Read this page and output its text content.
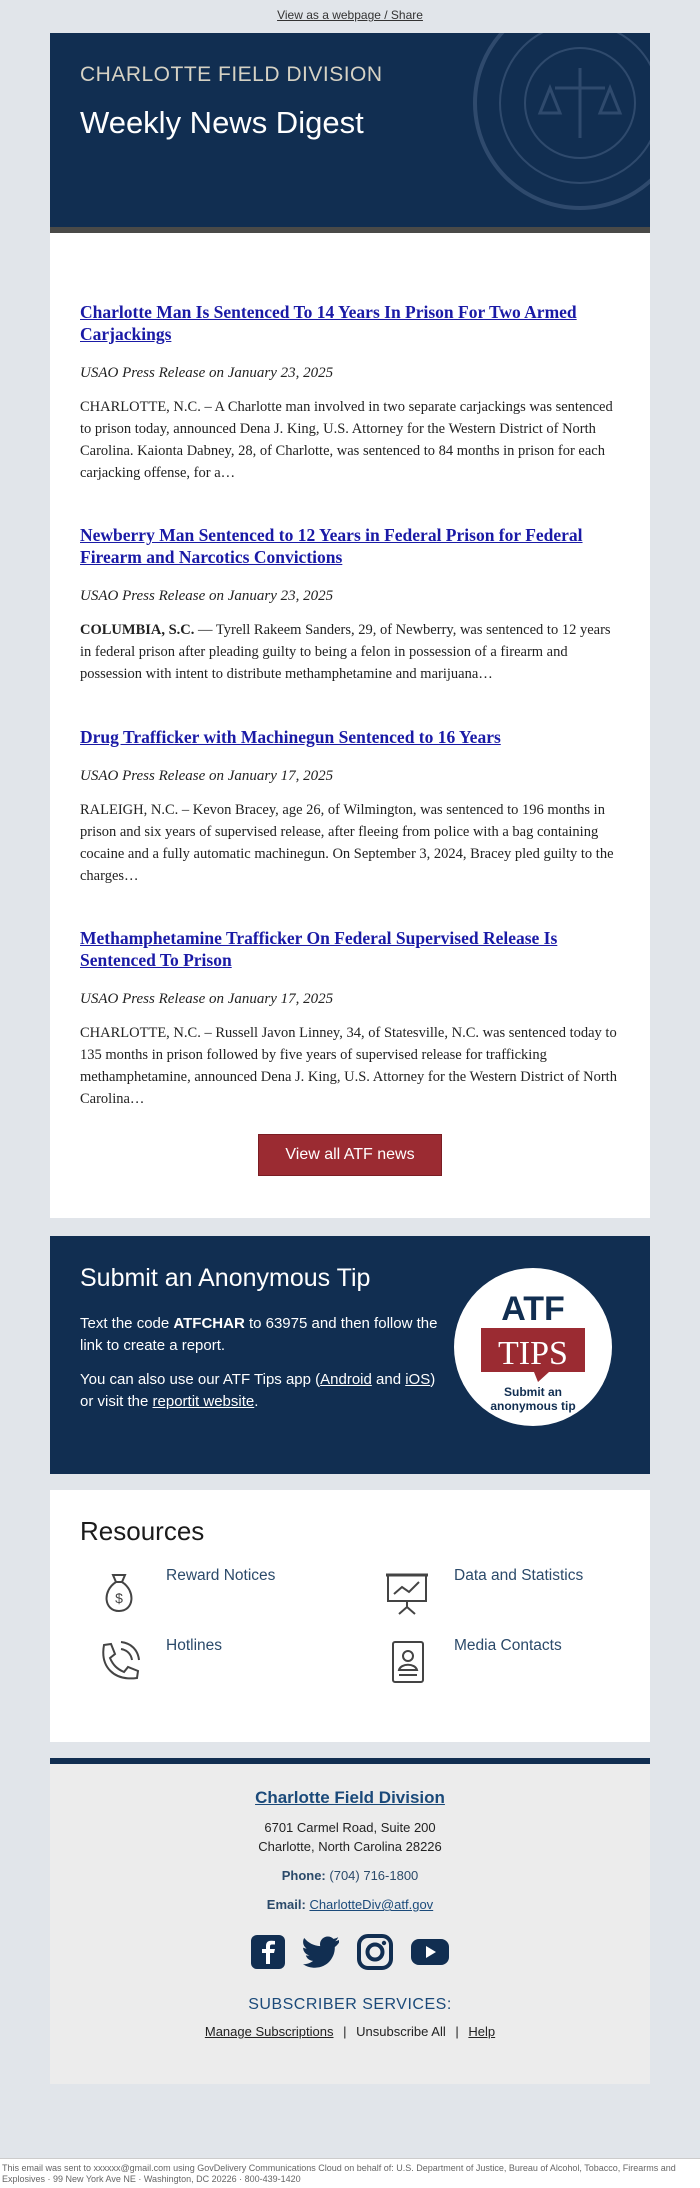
View as a webpage / Share
CHARLOTTE FIELD DIVISION
Weekly News Digest
Charlotte Man Is Sentenced To 14 Years In Prison For Two Armed Carjackings
USAO Press Release on January 23, 2025

CHARLOTTE, N.C. – A Charlotte man involved in two separate carjackings was sentenced to prison today, announced Dena J. King, U.S. Attorney for the Western District of North Carolina. Kaionta Dabney, 28, of Charlotte, was sentenced to 84 months in prison for each carjacking offense, for a…

Newberry Man Sentenced to 12 Years in Federal Prison for Federal Firearm and Narcotics Convictions
USAO Press Release on January 23, 2025

COLUMBIA, S.C. — Tyrell Rakeem Sanders, 29, of Newberry, was sentenced to 12 years in federal prison after pleading guilty to being a felon in possession of a firearm and possession with intent to distribute methamphetamine and marijuana…

Drug Trafficker with Machinegun Sentenced to 16 Years
USAO Press Release on January 17, 2025

RALEIGH, N.C. – Kevon Bracey, age 26, of Wilmington, was sentenced to 196 months in prison and six years of supervised release, after fleeing from police with a bag containing cocaine and a fully automatic machinegun. On September 3, 2024, Bracey pled guilty to the charges…

Methamphetamine Trafficker On Federal Supervised Release Is Sentenced To Prison
USAO Press Release on January 17, 2025

CHARLOTTE, N.C. – Russell Javon Linney, 34, of Statesville, N.C. was sentenced today to 135 months in prison followed by five years of supervised release for trafficking methamphetamine, announced Dena J. King, U.S. Attorney for the Western District of North Carolina…

View all ATF news
Submit an Anonymous Tip

Text the code ATFCHAR to 63975 and then follow the link to create a report.

You can also use our ATF Tips app (Android and iOS) or visit the reportit website.

ATF
TIPS
Submit an
anonymous tip
Resources
$
Reward Notices	Data and Statistics
Hotlines	Media Contacts
Charlotte Field Division
6701 Carmel Road, Suite 200
Charlotte, North Carolina 28226
Phone: (704) 716-1800
Email: CharlotteDiv@atf.gov

SUBSCRIBER SERVICES:
Manage Subscriptions | Unsubscribe All | Help
This email was sent to xxxxxx@gmail.com using GovDelivery Communications Cloud on behalf of: U.S. Department of Justice, Bureau of Alcohol, Tobacco, Firearms and Explosives · 99 New York Ave NE · Washington, DC 20226 · 800-439-1420
